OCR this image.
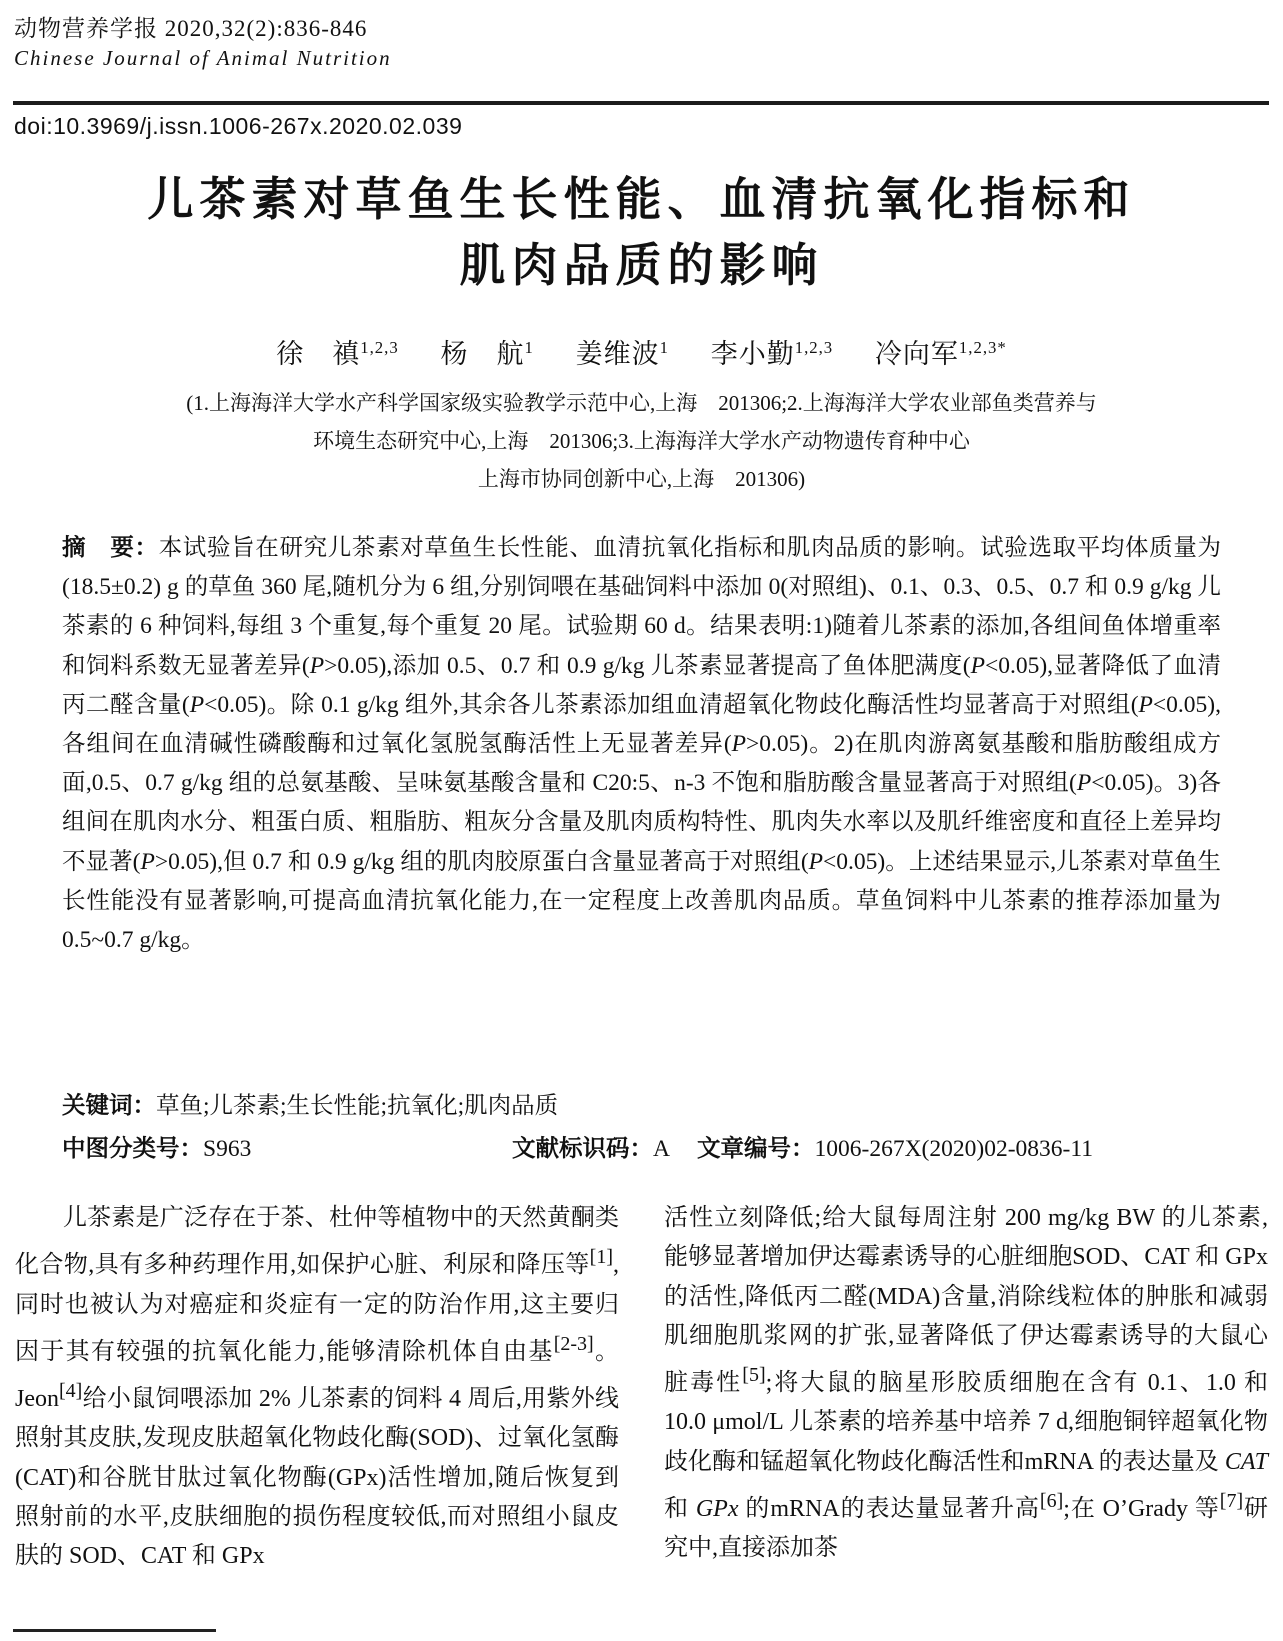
动物营养学报 2020,32(2):836-846
Chinese Journal of Animal Nutrition
doi:10.3969/j.issn.1006-267x.2020.02.039
儿茶素对草鱼生长性能、血清抗氧化指标和
肌肉品质的影响
徐　禛$^{1,2,3}$ 杨　航$^1$ 姜维波$^1$ 李小勤$^{1,2,3}$ 冷向军$^{1,2,3*}$
(1.上海海洋大学水产科学国家级实验教学示范中心,上海　201306;2.上海海洋大学农业部鱼类营养与
环境生态研究中心,上海　201306;3.上海海洋大学水产动物遗传育种中心
上海市协同创新中心,上海　201306)
摘　要：本试验旨在研究儿茶素对草鱼生长性能、血清抗氧化指标和肌肉品质的影响。试验选取平均体质量为(18.5±0.2) g 的草鱼 360 尾,随机分为 6 组,分别饲喂在基础饲料中添加 0(对照组)、0.1、0.3、0.5、0.7 和 0.9 g/kg 儿茶素的 6 种饲料,每组 3 个重复,每个重复 20 尾。试验期 60 d。结果表明:1)随着儿茶素的添加,各组间鱼体增重率和饲料系数无显著差异(P>0.05),添加 0.5、0.7 和 0.9 g/kg 儿茶素显著提高了鱼体肥满度(P<0.05),显著降低了血清丙二醛含量(P<0.05)。除 0.1 g/kg 组外,其余各儿茶素添加组血清超氧化物歧化酶活性均显著高于对照组(P<0.05),各组间在血清碱性磷酸酶和过氧化氢脱氢酶活性上无显著差异(P>0.05)。2)在肌肉游离氨基酸和脂肪酸组成方面,0.5、0.7 g/kg 组的总氨基酸、呈味氨基酸含量和 C20:5、n-3 不饱和脂肪酸含量显著高于对照组(P<0.05)。3)各组间在肌肉水分、粗蛋白质、粗脂肪、粗灰分含量及肌肉质构特性、肌肉失水率以及肌纤维密度和直径上差异均不显著(P>0.05),但 0.7 和 0.9 g/kg 组的肌肉胶原蛋白含量显著高于对照组(P<0.05)。上述结果显示,儿茶素对草鱼生长性能没有显著影响,可提高血清抗氧化能力,在一定程度上改善肌肉品质。草鱼饲料中儿茶素的推荐添加量为 0.5~0.7 g/kg。
关键词：草鱼;儿茶素;生长性能;抗氧化;肌肉品质
中图分类号：S963	文献标识码：A 文章编号：1006-267X(2020)02-0836-11

儿茶素是广泛存在于茶、杜仲等植物中的天然黄酮类化合物,具有多种药理作用,如保护心脏、利尿和降压等[1],同时也被认为对癌症和炎症有一定的防治作用,这主要归因于其有较强的抗氧化能力,能够清除机体自由基[2-3]。Jeon[4]给小鼠饲喂添加 2% 儿茶素的饲料 4 周后,用紫外线照射其皮肤,发现皮肤超氧化物歧化酶(SOD)、过氧化氢酶(CAT)和谷胱甘肽过氧化物酶(GPx)活性增加,随后恢复到照射前的水平,皮肤细胞的损伤程度较低,而对照组小鼠皮肤的 SOD、CAT 和 GPx

活性立刻降低;给大鼠每周注射 200 mg/kg BW 的儿茶素,能够显著增加伊达霉素诱导的心脏细胞SOD、CAT 和 GPx 的活性,降低丙二醛(MDA)含量,消除线粒体的肿胀和减弱肌细胞肌浆网的扩张,显著降低了伊达霉素诱导的大鼠心脏毒性[5];将大鼠的脑星形胶质细胞在含有 0.1、1.0 和 10.0 μmol/L 儿茶素的培养基中培养 7 d,细胞铜锌超氧化物歧化酶和锰超氧化物歧化酶活性和mRNA 的表达量及 CAT 和 GPx 的mRNA的表达量显著升高[6];在 O’Grady 等[7]研究中,直接添加茶
